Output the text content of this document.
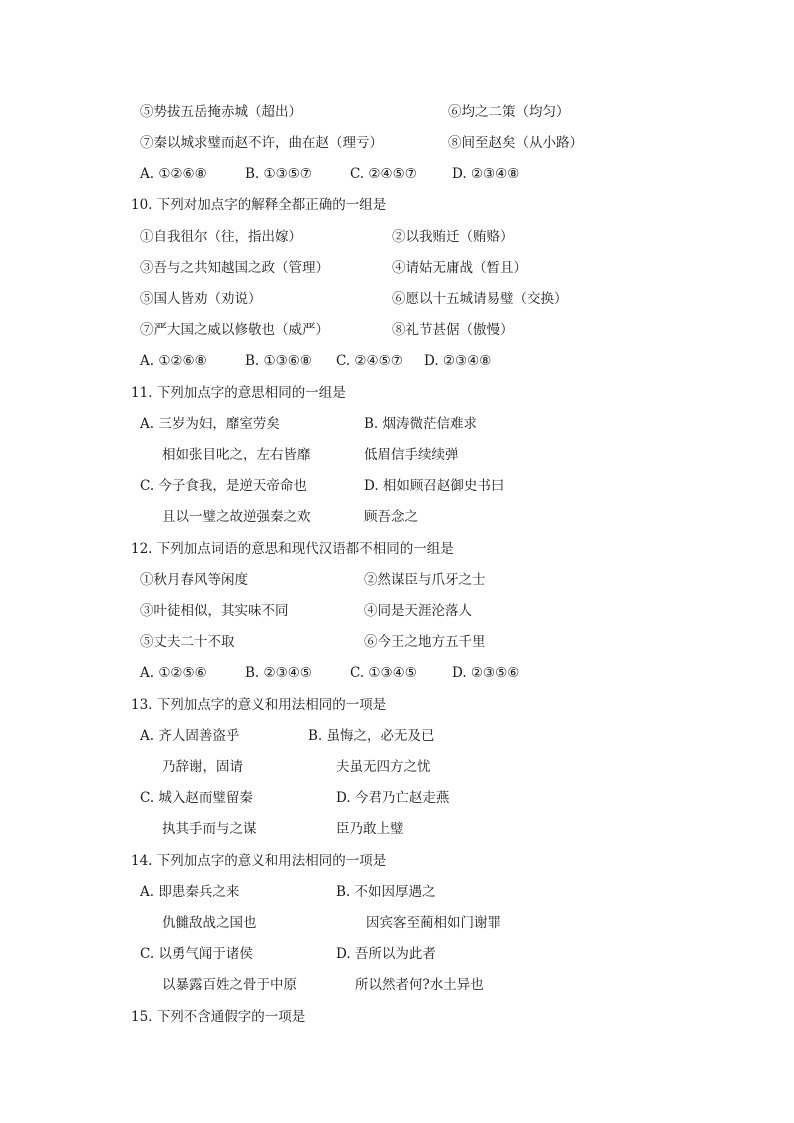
⑤势拔五岳掩赤城（超出）	⑥均之二策（均匀）
⑦秦以城求璧而赵不许，曲在赵（理亏）	⑧间至赵矣（从小路）
A. ①②⑥⑧	B. ①③⑤⑦	C. ②④⑤⑦	D. ②③④⑧
10. 下列对加点字的解释全都正确的一组是
①自我徂尔（往，指出嫁）	②以我贿迁（贿赂）
③吾与之共知越国之政（管理）	④请姑无庸战（暂且）
⑤国人皆劝（劝说）	⑥愿以十五城请易璧（交换）
⑦严大国之威以修敬也（威严）	⑧礼节甚倨（傲慢）
A. ①②⑥⑧	B. ①③⑥⑧ C. ②④⑤⑦ D. ②③④⑧
11. 下列加点字的意思相同的一组是
A. 三岁为妇，靡室劳矣	B. 烟涛微茫信难求
相如张目叱之，左右皆靡	低眉信手续续弹
C. 今子食我，是逆天帝命也	D. 相如顾召赵御史书曰
且以一璧之故逆强秦之欢	顾吾念之
12. 下列加点词语的意思和现代汉语都不相同的一组是
①秋月春风等闲度	②然谋臣与爪牙之士
③叶徒相似，其实味不同	④同是天涯沦落人
⑤丈夫二十不取	⑥今王之地方五千里
A. ①②⑤⑥	B. ②③④⑤	C. ①③④⑤	D. ②③⑤⑥
13. 下列加点字的意义和用法相同的一项是
A. 齐人固善盗乎	B. 虽悔之，必无及已
乃辞谢，固请	夫虽无四方之忧
C. 城入赵而璧留秦	D. 今君乃亡赵走燕
执其手而与之谋	臣乃敢上璧
14. 下列加点字的意义和用法相同的一项是
A. 即患秦兵之来	B. 不如因厚遇之
仇雠敌战之国也	因宾客至蔺相如门谢罪
C. 以勇气闻于诸侯	D. 吾所以为此者
以暴露百姓之骨于中原	所以然者何?水土异也
15. 下列不含通假字的一项是
